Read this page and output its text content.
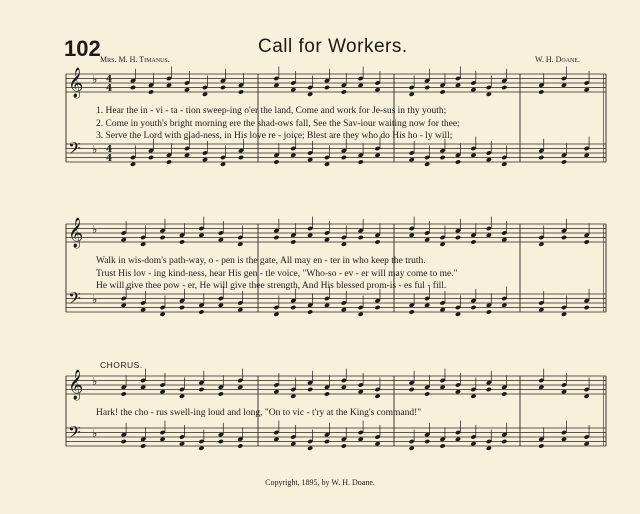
102	Call for Workers.
Mrs. M. H. Timanus.	W. H. Doane.
𝄞
𝄢
♭
♭
4
4
4
4
𝄞
𝄢
♭
♭
𝄞
𝄢
♭
♭
1. Hear the in - vi - ta - tion sweep-ing o'er the land, Come and work for Je-sus in thy youth;
2. Come in youth's bright morning ere the shad-ows fall, See the Sav-iour waiting now for thee;
3. Serve the Lord with glad-ness, in His love re - joice; Blest are they who do His ho - ly will;
Walk in wis-dom's path-way, o - pen is the gate, All may en - ter in who keep the truth.
Trust His lov - ing kind-ness, hear His gen - tle voice, "Who-so - ev - er will may come to me."
He will give thee pow - er, He will give thee strength, And His blessed prom-is - es ful - fill.
CHORUS.
Hark! the cho - rus swell-ing loud and long, "On to vic - t'ry at the King's command!"
Copyright, 1895, by W. H. Doane.
